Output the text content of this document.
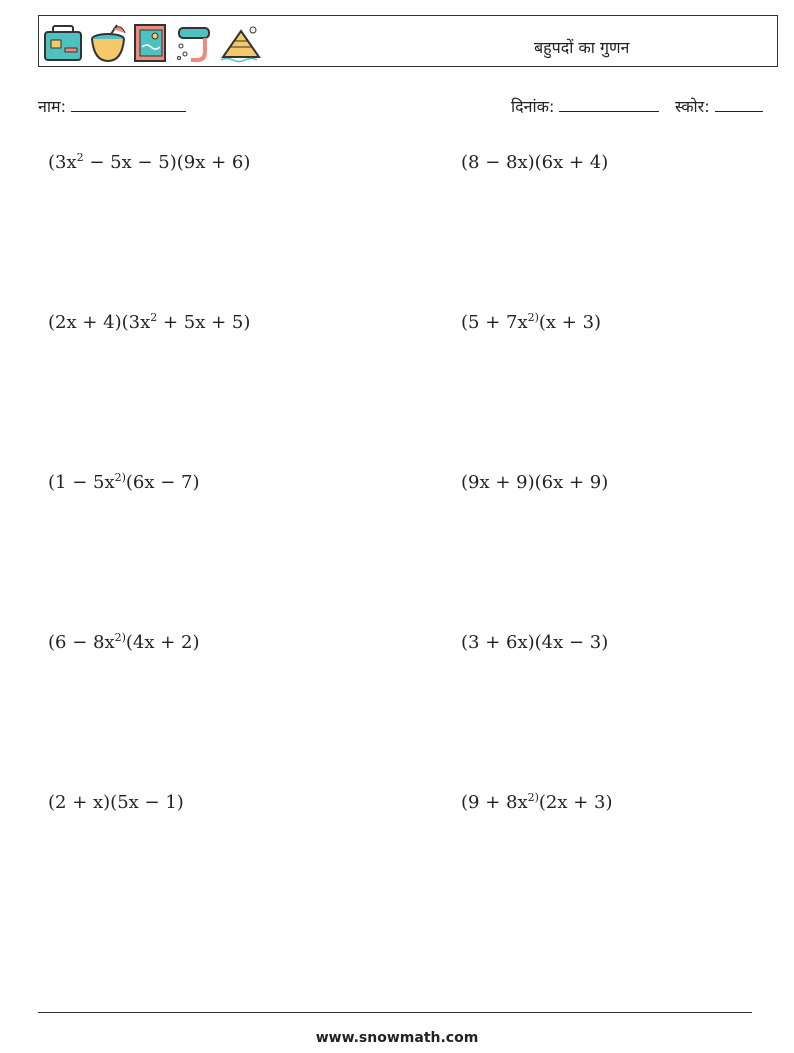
बहुपदों का गुणन
नाम:	दिनांक:	स्कोर:
$(3x^2 - 5x - 5)(9x + 6)$	(8 − 8x)(6x + 4)
$(2x + 4)(3x^2 + 5x + 5)$	($5 + 7x^{2)}(x + 3)$
($1 - 5x^{2)}(6x - 7)$	(9x + 9)(6x + 9)
($6 - 8x^{2)}(4x + 2)$	(3 + 6x)(4x − 3)
(2 + x)(5x − 1)	($9 + 8x^{2)}(2x + 3)$
www.snowmath.com
